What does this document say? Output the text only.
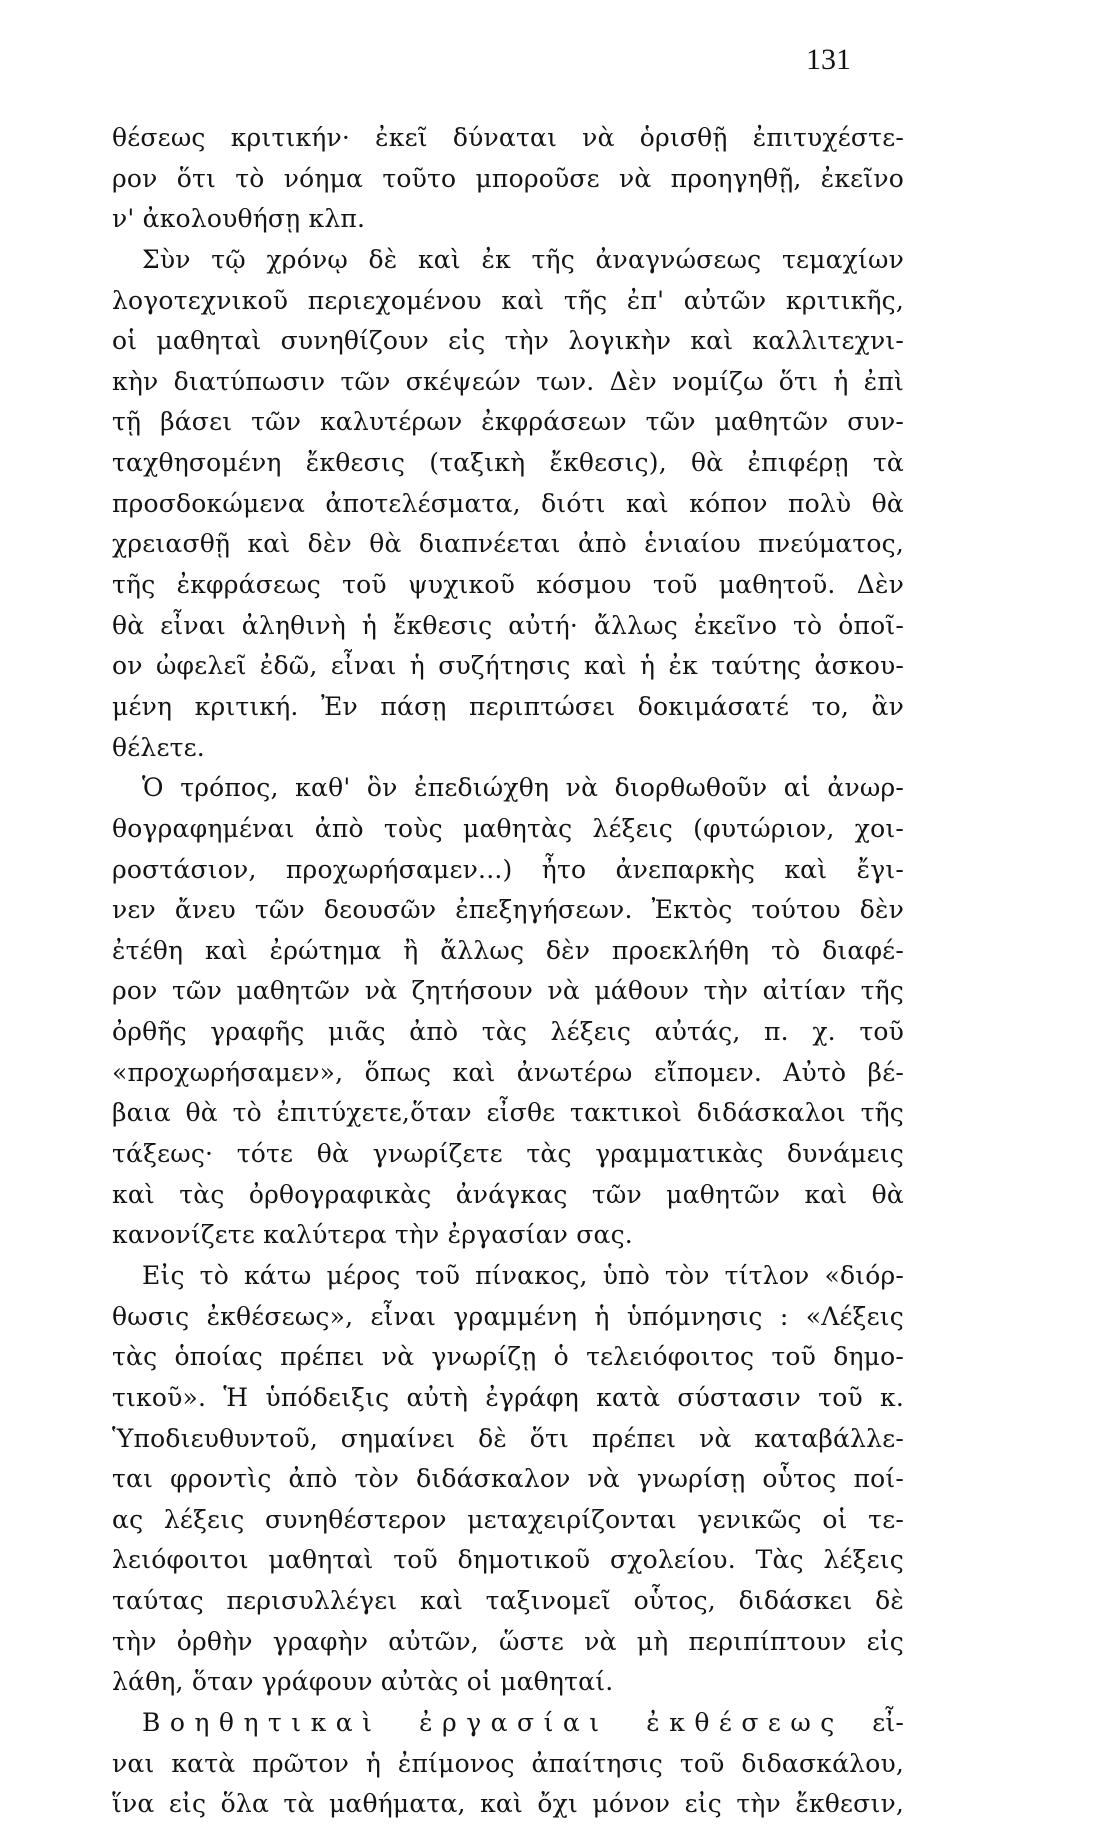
131
θέσεως κριτικήν· ἐκεῖ δύναται νὰ ὁρισθῇ ἐπιτυχέστε-
ρον ὅτι τὸ νόημα τοῦτο μποροῦσε νὰ προηγηθῇ, ἐκεῖνο
ν' ἀκολουθήσῃ κλπ.
Σὺν τῷ χρόνῳ δὲ καὶ ἐκ τῆς ἀναγνώσεως τεμαχίων
λογοτεχνικοῦ περιεχομένου καὶ τῆς ἐπ' αὐτῶν κριτικῆς,
οἱ μαθηταὶ συνηθίζουν εἰς τὴν λογικὴν καὶ καλλιτεχνι-
κὴν διατύπωσιν τῶν σκέψεών των. Δὲν νομίζω ὅτι ἡ ἐπὶ
τῇ βάσει τῶν καλυτέρων ἐκφράσεων τῶν μαθητῶν συν-
ταχθησομένη ἔκθεσις (ταξικὴ ἔκθεσις), θὰ ἐπιφέρῃ τὰ
προσδοκώμενα ἀποτελέσματα, διότι καὶ κόπον πολὺ θὰ
χρειασθῇ καὶ δὲν θὰ διαπνέεται ἀπὸ ἑνιαίου πνεύματος,
τῆς ἐκφράσεως τοῦ ψυχικοῦ κόσμου τοῦ μαθητοῦ. Δὲν
θὰ εἶναι ἀληθινὴ ἡ ἔκθεσις αὐτή· ἄλλως ἐκεῖνο τὸ ὁποῖ-
ον ὠφελεῖ ἐδῶ, εἶναι ἡ συζήτησις καὶ ἡ ἐκ ταύτης ἀσκου-
μένη κριτική. Ἐν πάσῃ περιπτώσει δοκιμάσατέ το, ἂν
θέλετε.
Ὁ τρόπος, καθ' ὃν ἐπεδιώχθη νὰ διορθωθοῦν αἱ ἀνωρ-
θογραφημέναι ἀπὸ τοὺς μαθητὰς λέξεις (φυτώριον, χοι-
ροστάσιον, προχωρήσαμεν...) ἦτο ἀνεπαρκὴς καὶ ἔγι-
νεν ἄνευ τῶν δεουσῶν ἐπεξηγήσεων. Ἐκτὸς τούτου δὲν
ἐτέθη καὶ ἐρώτημα ἢ ἄλλως δὲν προεκλήθη τὸ διαφέ-
ρον τῶν μαθητῶν νὰ ζητήσουν νὰ μάθουν τὴν αἰτίαν τῆς
ὀρθῆς γραφῆς μιᾶς ἀπὸ τὰς λέξεις αὐτάς, π. χ. τοῦ
«προχωρήσαμεν», ὅπως καὶ ἀνωτέρω εἴπομεν. Αὐτὸ βέ-
βαια θὰ τὸ ἐπιτύχετε,ὅταν εἶσθε τακτικοὶ διδάσκαλοι τῆς
τάξεως· τότε θὰ γνωρίζετε τὰς γραμματικὰς δυνάμεις
καὶ τὰς ὀρθογραφικὰς ἀνάγκας τῶν μαθητῶν καὶ θὰ
κανονίζετε καλύτερα τὴν ἐργασίαν σας.
Εἰς τὸ κάτω μέρος τοῦ πίνακος, ὑπὸ τὸν τίτλον «διόρ-
θωσις ἐκθέσεως», εἶναι γραμμένη ἡ ὑπόμνησις : «Λέξεις
τὰς ὁποίας πρέπει νὰ γνωρίζῃ ὁ τελειόφοιτος τοῦ δημο-
τικοῦ». Ἡ ὑπόδειξις αὐτὴ ἐγράφη κατὰ σύστασιν τοῦ κ.
Ὑποδιευθυντοῦ, σημαίνει δὲ ὅτι πρέπει νὰ καταβάλλε-
ται φροντὶς ἀπὸ τὸν διδάσκαλον νὰ γνωρίσῃ οὗτος ποί-
ας λέξεις συνηθέστερον μεταχειρίζονται γενικῶς οἱ τε-
λειόφοιτοι μαθηταὶ τοῦ δημοτικοῦ σχολείου. Τὰς λέξεις
ταύτας περισυλλέγει καὶ ταξινομεῖ οὗτος, διδάσκει δὲ
τὴν ὀρθὴν γραφὴν αὐτῶν, ὥστε νὰ μὴ περιπίπτουν εἰς
λάθη, ὅταν γράφουν αὐτὰς οἱ μαθηταί.
Βοηθητικαὶ ἐργασίαι ἐκθέσεως εἶ-
ναι κατὰ πρῶτον ἡ ἐπίμονος ἀπαίτησις τοῦ διδασκάλου,
ἵνα εἰς ὅλα τὰ μαθήματα, καὶ ὄχι μόνον εἰς τὴν ἔκθεσιν,
